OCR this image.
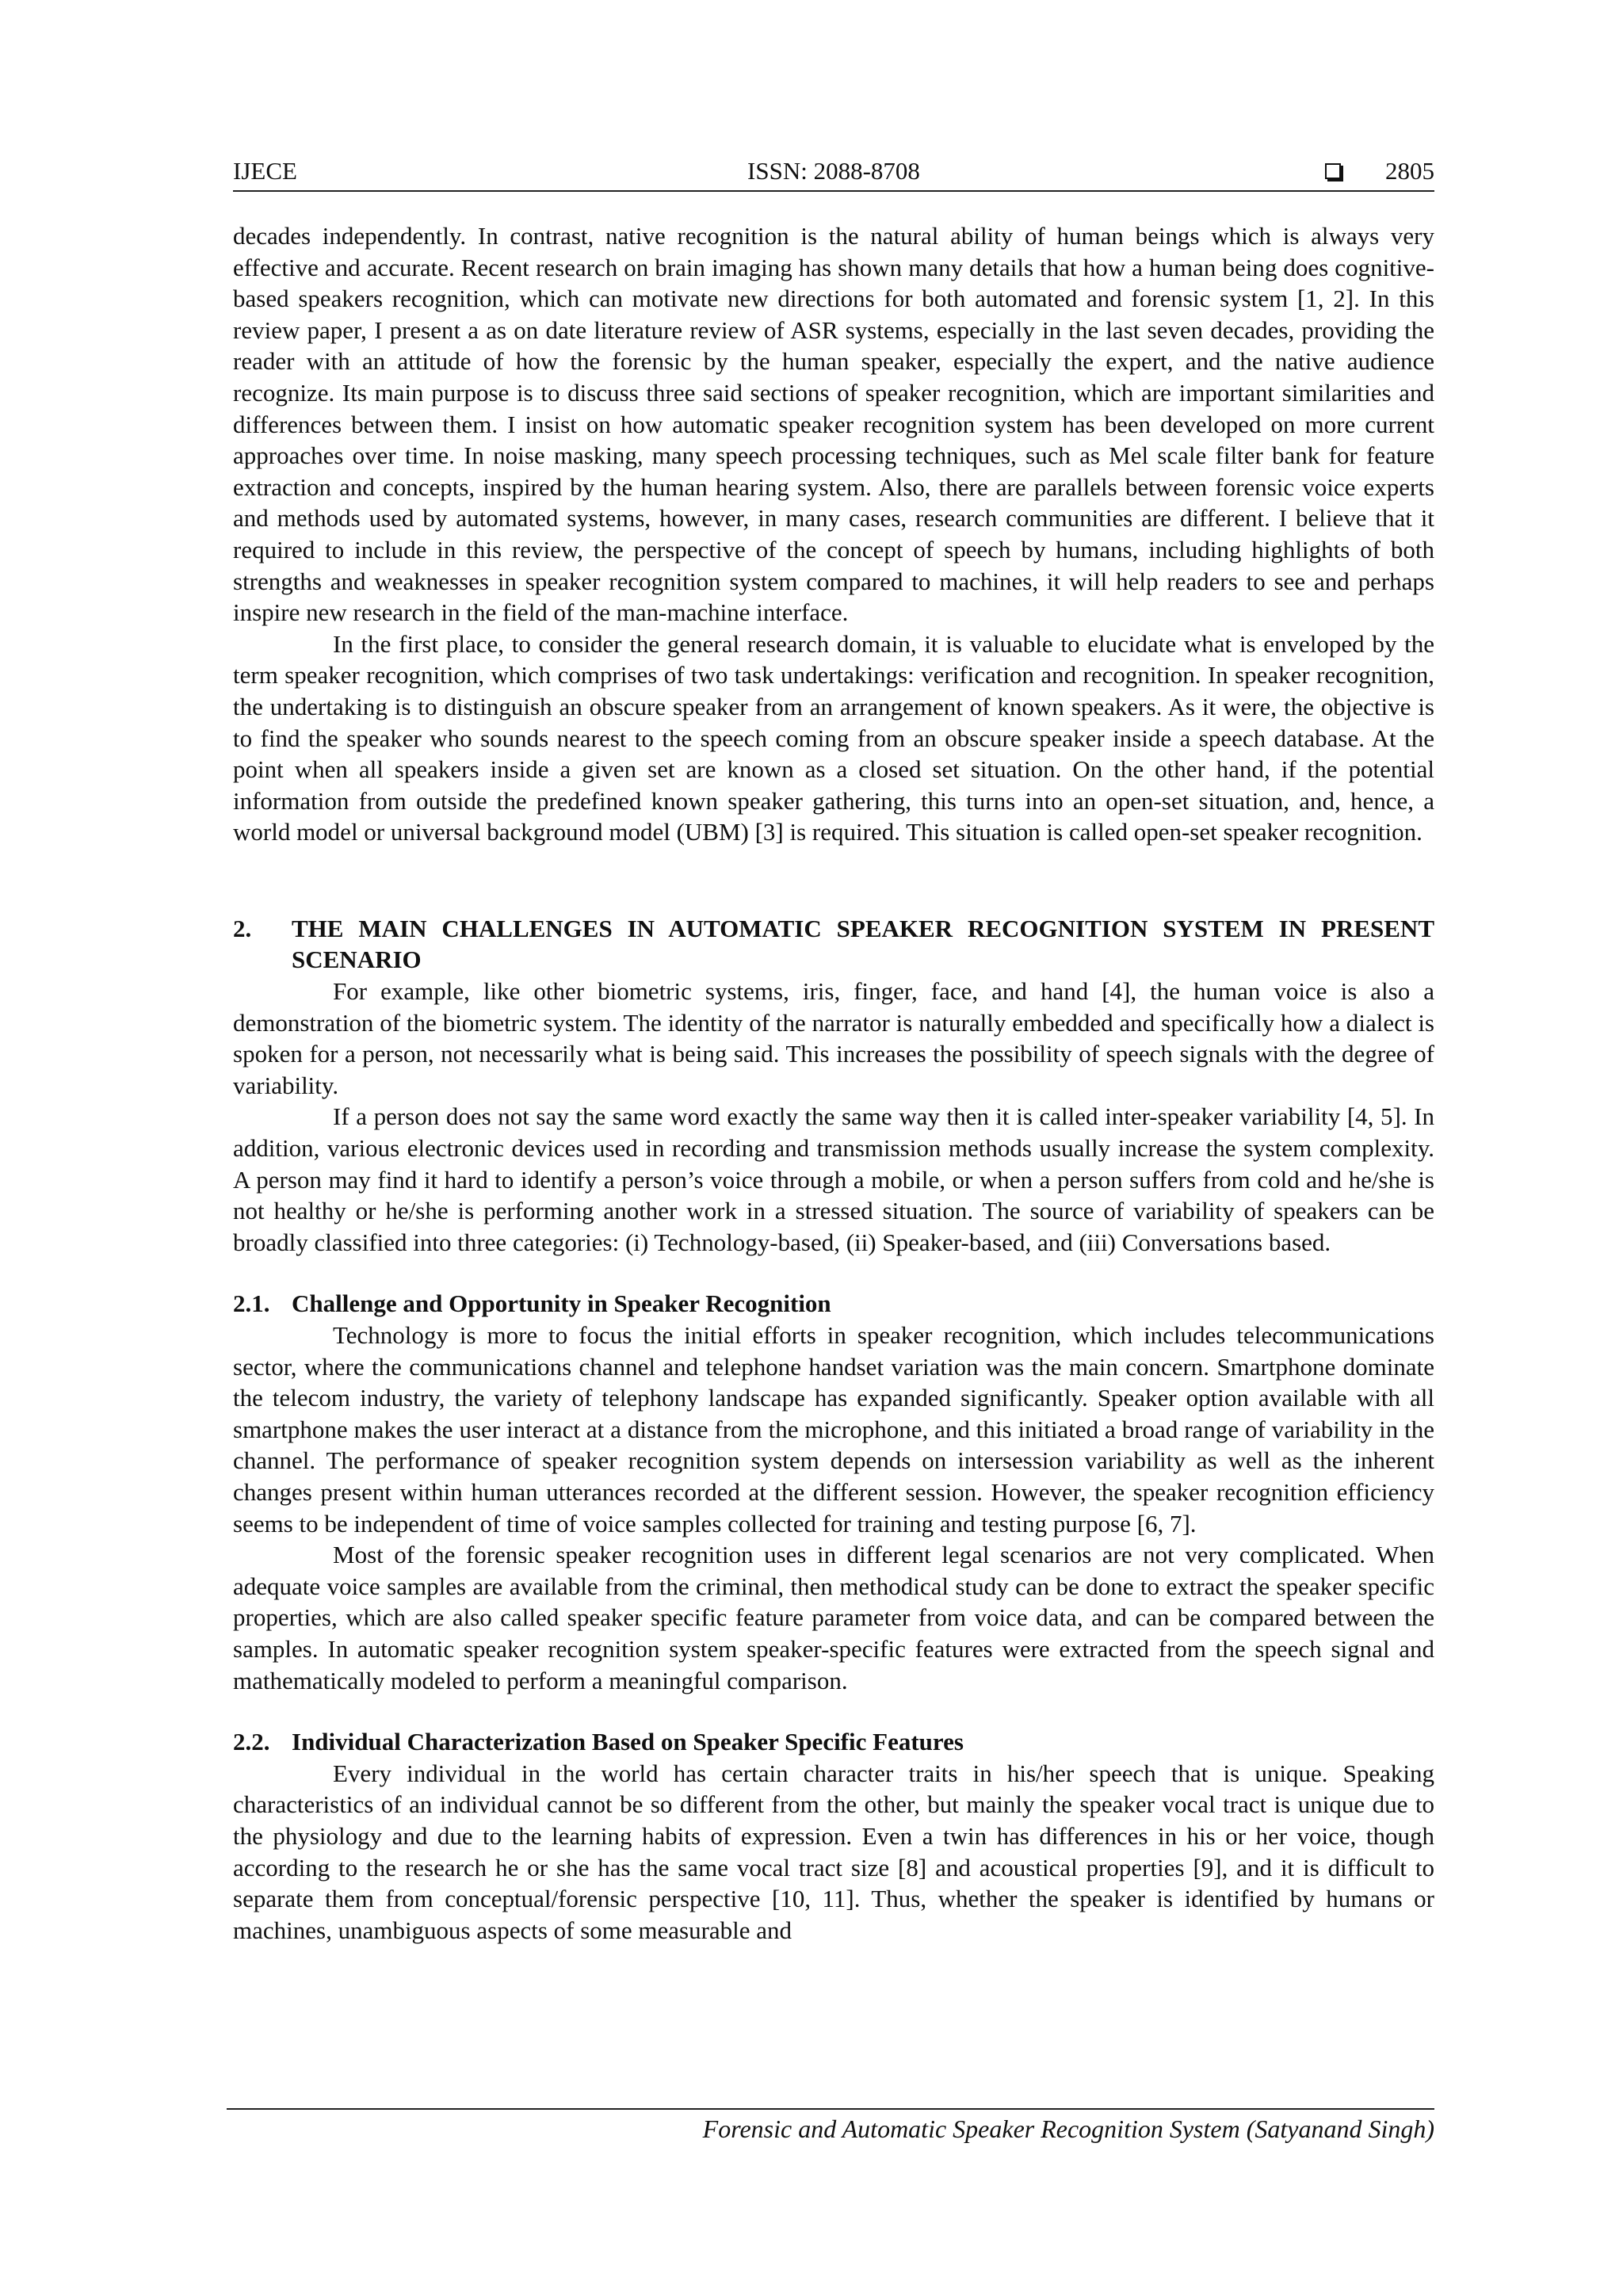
IJECE	ISSN: 2088-8708	2805

decades independently. In contrast, native recognition is the natural ability of human beings which is always very effective and accurate. Recent research on brain imaging has shown many details that how a human being does cognitive-based speakers recognition, which can motivate new directions for both automated and forensic system [1, 2]. In this review paper, I present a as on date literature review of ASR systems, especially in the last seven decades, providing the reader with an attitude of how the forensic by the human speaker, especially the expert, and the native audience recognize. Its main purpose is to discuss three said sections of speaker recognition, which are important similarities and differences between them. I insist on how automatic speaker recognition system has been developed on more current approaches over time. In noise masking, many speech processing techniques, such as Mel scale filter bank for feature extraction and concepts, inspired by the human hearing system. Also, there are parallels between forensic voice experts and methods used by automated systems, however, in many cases, research communities are different. I believe that it required to include in this review, the perspective of the concept of speech by humans, including highlights of both strengths and weaknesses in speaker recognition system compared to machines, it will help readers to see and perhaps inspire new research in the field of the man-machine interface.

In the first place, to consider the general research domain, it is valuable to elucidate what is enveloped by the term speaker recognition, which comprises of two task undertakings: verification and recognition. In speaker recognition, the undertaking is to distinguish an obscure speaker from an arrangement of known speakers. As it were, the objective is to find the speaker who sounds nearest to the speech coming from an obscure speaker inside a speech database. At the point when all speakers inside a given set are known as a closed set situation. On the other hand, if the potential information from outside the predefined known speaker gathering, this turns into an open-set situation, and, hence, a world model or universal background model (UBM) [3] is required. This situation is called open-set speaker recognition.

2.	THE MAIN CHALLENGES IN AUTOMATIC SPEAKER RECOGNITION SYSTEM IN PRESENT SCENARIO

For example, like other biometric systems, iris, finger, face, and hand [4], the human voice is also a demonstration of the biometric system. The identity of the narrator is naturally embedded and specifically how a dialect is spoken for a person, not necessarily what is being said. This increases the possibility of speech signals with the degree of variability.

If a person does not say the same word exactly the same way then it is called inter-speaker variability [4, 5]. In addition, various electronic devices used in recording and transmission methods usually increase the system complexity. A person may find it hard to identify a person’s voice through a mobile, or when a person suffers from cold and he/she is not healthy or he/she is performing another work in a stressed situation. The source of variability of speakers can be broadly classified into three categories: (i) Technology-based, (ii) Speaker-based, and (iii) Conversations based.

2.1. Challenge and Opportunity in Speaker Recognition

Technology is more to focus the initial efforts in speaker recognition, which includes telecommunications sector, where the communications channel and telephone handset variation was the main concern. Smartphone dominate the telecom industry, the variety of telephony landscape has expanded significantly. Speaker option available with all smartphone makes the user interact at a distance from the microphone, and this initiated a broad range of variability in the channel. The performance of speaker recognition system depends on intersession variability as well as the inherent changes present within human utterances recorded at the different session. However, the speaker recognition efficiency seems to be independent of time of voice samples collected for training and testing purpose [6, 7].

Most of the forensic speaker recognition uses in different legal scenarios are not very complicated. When adequate voice samples are available from the criminal, then methodical study can be done to extract the speaker specific properties, which are also called speaker specific feature parameter from voice data, and can be compared between the samples. In automatic speaker recognition system speaker-specific features were extracted from the speech signal and mathematically modeled to perform a meaningful comparison.

2.2. Individual Characterization Based on Speaker Specific Features

Every individual in the world has certain character traits in his/her speech that is unique. Speaking characteristics of an individual cannot be so different from the other, but mainly the speaker vocal tract is unique due to the physiology and due to the learning habits of expression. Even a twin has differences in his or her voice, though according to the research he or she has the same vocal tract size [8] and acoustical properties [9], and it is difficult to separate them from conceptual/forensic perspective [10, 11]. Thus, whether the speaker is identified by humans or machines, unambiguous aspects of some measurable and

Forensic and Automatic Speaker Recognition System (Satyanand Singh)
